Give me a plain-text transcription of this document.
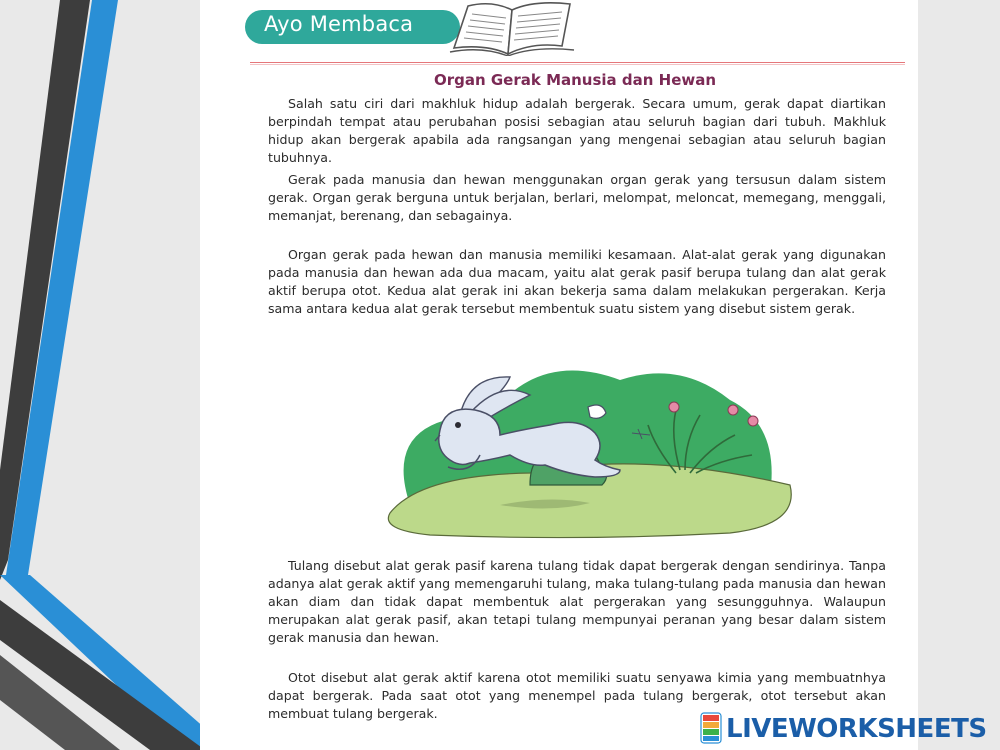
Ayo Membaca
Organ Gerak Manusia dan Hewan

Salah satu ciri dari makhluk hidup adalah bergerak. Secara umum, gerak dapat diartikan berpindah tempat atau perubahan posisi sebagian atau seluruh bagian dari tubuh. Makhluk hidup akan bergerak apabila ada rangsangan yang mengenai sebagian atau seluruh bagian tubuhnya.

Gerak pada manusia dan hewan menggunakan organ gerak yang tersusun dalam sistem gerak. Organ gerak berguna untuk berjalan, berlari, melompat, meloncat, memegang, menggali, memanjat, berenang, dan sebagainya.

Organ gerak pada hewan dan manusia memiliki kesamaan. Alat-alat gerak yang digunakan pada manusia dan hewan ada dua macam, yaitu alat gerak pasif berupa tulang dan alat gerak aktif berupa otot. Kedua alat gerak ini akan bekerja sama dalam melakukan pergerakan. Kerja sama antara kedua alat gerak tersebut membentuk suatu sistem yang disebut sistem gerak.

Tulang disebut alat gerak pasif karena tulang tidak dapat bergerak dengan sendirinya. Tanpa adanya alat gerak aktif yang memengaruhi tulang, maka tulang-tulang pada manusia dan hewan akan diam dan tidak dapat membentuk alat pergerakan yang sesungguhnya. Walaupun merupakan alat gerak pasif, akan tetapi tulang mempunyai peranan yang besar dalam sistem gerak manusia dan hewan.

Otot disebut alat gerak aktif karena otot memiliki suatu senyawa kimia yang membuatnhya dapat bergerak. Pada saat otot yang menempel pada tulang bergerak, otot tersebut akan membuat tulang bergerak.

LIVEWORKSHEETS
